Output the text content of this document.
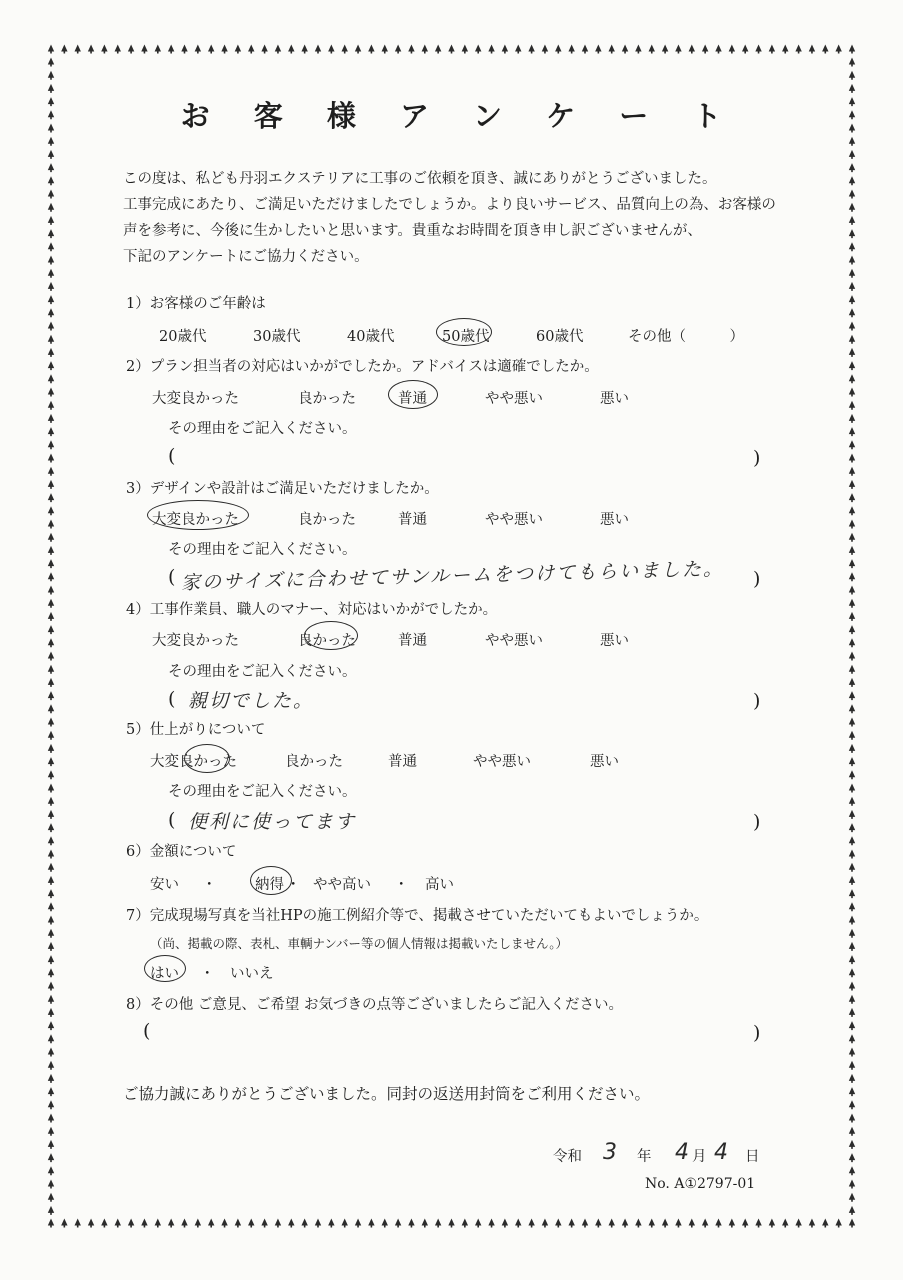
お 客 様 ア ン ケ ー ト
この度は、私ども丹羽エクステリアに工事のご依頼を頂き、誠にありがとうございました。
工事完成にあたり、ご満足いただけましたでしょうか。より良いサービス、品質向上の為、お客様の
声を参考に、今後に生かしたいと思います。貴重なお時間を頂き申し訳ございませんが、
下記のアンケートにご協力ください。
1）お客様のご年齢は
20歳代	30歳代	40歳代	50歳代	60歳代	その他（　　　）
2）プラン担当者の対応はいかがでしたか。アドバイスは適確でしたか。
大変良かった	良かった	普通	やや悪い	悪い
その理由をご記入ください。
(	)
3）デザインや設計はご満足いただけましたか。
大変良かった	良かった	普通	やや悪い	悪い
その理由をご記入ください。
( 家のサイズに合わせてサンルームをつけてもらいました。 )
4）工事作業員、職人のマナー、対応はいかがでしたか。
大変良かった	良かった	普通	やや悪い	悪い
その理由をご記入ください。
( 親切でした。	)
5）仕上がりについて
大変良かった	良かった	普通	やや悪い	悪い
その理由をご記入ください。
( 便利に使ってます	)
6）金額について
安い ・	納得 ・ やや高い ・ 高い
7）完成現場写真を当社HPの施工例紹介等で、掲載させていただいてもよいでしょうか。
（尚、掲載の際、表札、車輌ナンバー等の個人情報は掲載いたしません。）
はい ・ いいえ
8）その他 ご意見、ご希望 お気づきの点等ございましたらご記入ください。
(	)
ご協力誠にありがとうございました。同封の返送用封筒をご利用ください。
令和 3 年 4 月 4 日
No. A①2797-01
